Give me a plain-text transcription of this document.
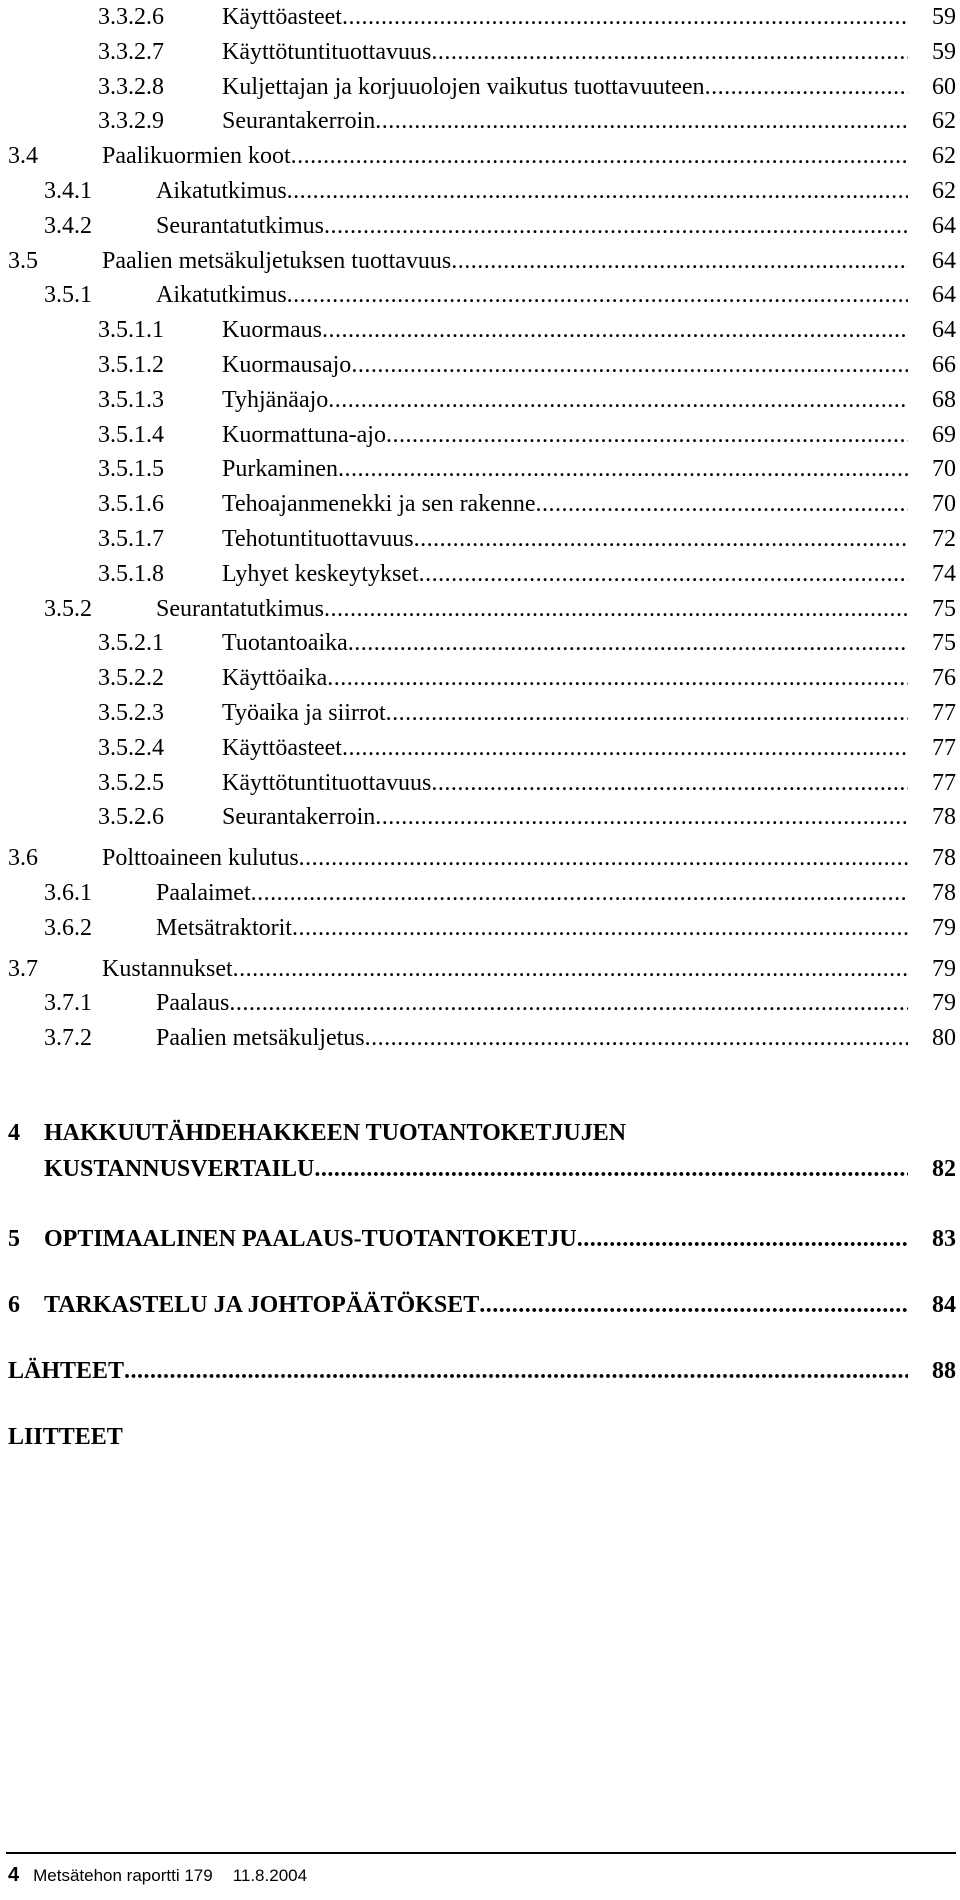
3.3.2.6 Käyttöasteet .....	59
3.3.2.7 Käyttötuntituottavuus .....	59
3.3.2.8 Kuljettajan ja korjuuolojen vaikutus tuottavuuteen .....	60
3.3.2.9 Seurantakerroin .....	62
3.4	Paalikuormien koot .....	62
3.4.1	Aikatutkimus .....	62
3.4.2	Seurantatutkimus .....	64
3.5	Paalien metsäkuljetuksen tuottavuus .....	64
3.5.1	Aikatutkimus .....	64
3.5.1.1 Kuormaus .....	64
3.5.1.2 Kuormausajo .....	66
3.5.1.3 Tyhjänäajo .....	68
3.5.1.4 Kuormattuna-ajo .....	69
3.5.1.5 Purkaminen .....	70
3.5.1.6 Tehoajanmenekki ja sen rakenne .....	70
3.5.1.7 Tehotuntituottavuus .....	72
3.5.1.8 Lyhyet keskeytykset .....	74
3.5.2	Seurantatutkimus .....	75
3.5.2.1 Tuotantoaika .....	75
3.5.2.2 Käyttöaika .....	76
3.5.2.3 Työaika ja siirrot .....	77
3.5.2.4 Käyttöasteet .....	77
3.5.2.5 Käyttötuntituottavuus .....	77
3.5.2.6 Seurantakerroin .....	78
3.6	Polttoaineen kulutus .....	78
3.6.1	Paalaimet .....	78
3.6.2	Metsätraktorit .....	79
3.7	Kustannukset .....	79
3.7.1	Paalaus .....	79
3.7.2	Paalien metsäkuljetus .....	80
4 HAKKUUTÄHDEHAKKEEN TUOTANTOKETJUJEN
KUSTANNUSVERTAILU .....	82
5 OPTIMAALINEN PAALAUS-TUOTANTOKETJU .....	83
6 TARKASTELU JA JOHTOPÄÄTÖKSET .....	84
LÄHTEET .....	88
LIITTEET
4 Metsätehon raportti 179 11.8.2004
